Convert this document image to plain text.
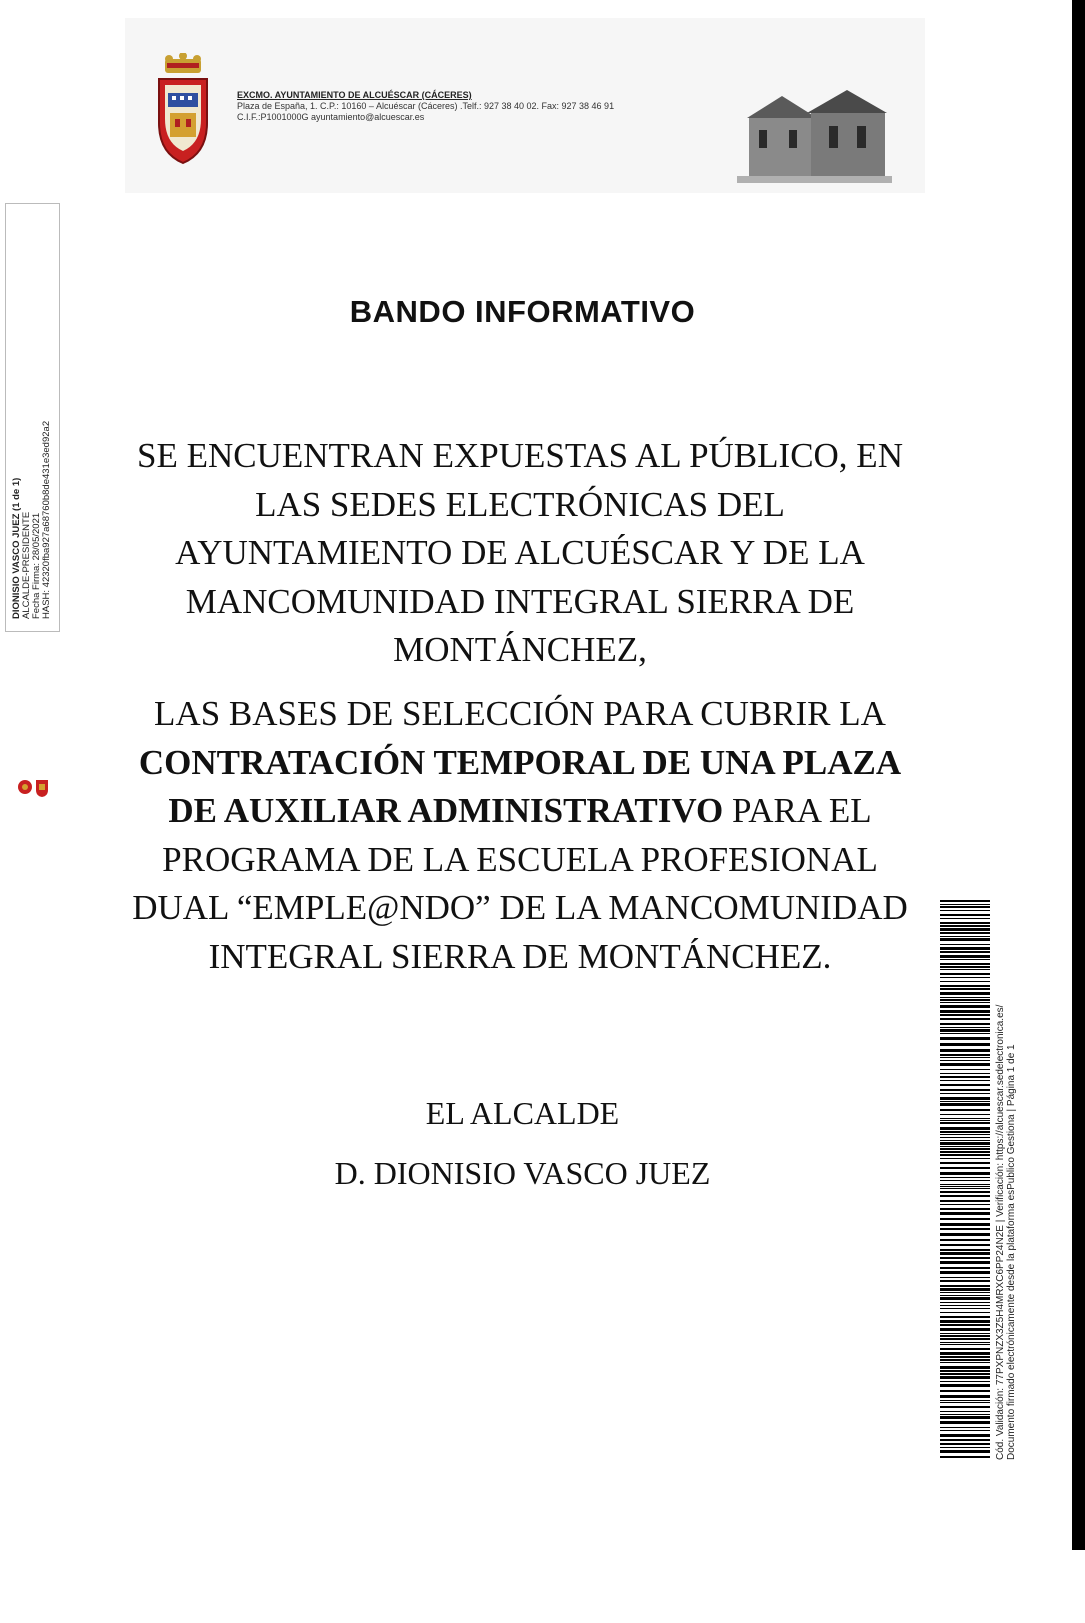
EXCMO. AYUNTAMIENTO DE ALCUÉSCAR (CÁCERES)
Plaza de España, 1. C.P.: 10160 – Alcuéscar (Cáceres) .Telf.: 927 38 40 02. Fax: 927 38 46 91
C.I.F.:P1001000G ayuntamiento@alcuescar.es
DIONISIO VASCO JUEZ (1 de 1) ALCALDE-PRESIDENTE Fecha Firma: 28/05/2021 HASH: 42320fba927a68760b8de431e3ed92a2
BANDO INFORMATIVO

SE ENCUENTRAN EXPUESTAS AL PÚBLICO, EN LAS SEDES ELECTRÓNICAS DEL AYUNTAMIENTO DE ALCUÉSCAR Y DE LA MANCOMUNIDAD INTEGRAL SIERRA DE MONTÁNCHEZ,

LAS BASES DE SELECCIÓN PARA CUBRIR LA CONTRATACIÓN TEMPORAL DE UNA PLAZA DE AUXILIAR ADMINISTRATIVO PARA EL PROGRAMA DE LA ESCUELA PROFESIONAL DUAL “EMPLE@NDO” DE LA MANCOMUNIDAD INTEGRAL SIERRA DE MONTÁNCHEZ.

EL ALCALDE
D. DIONISIO VASCO JUEZ	Cód. Validación: 77PXPNZX3Z5H4MRXC6PP24N2E | Verificación: https://alcuescar.sedelectronica.es/ Documento firmado electrónicamente desde la plataforma esPublico Gestiona | Página 1 de 1
